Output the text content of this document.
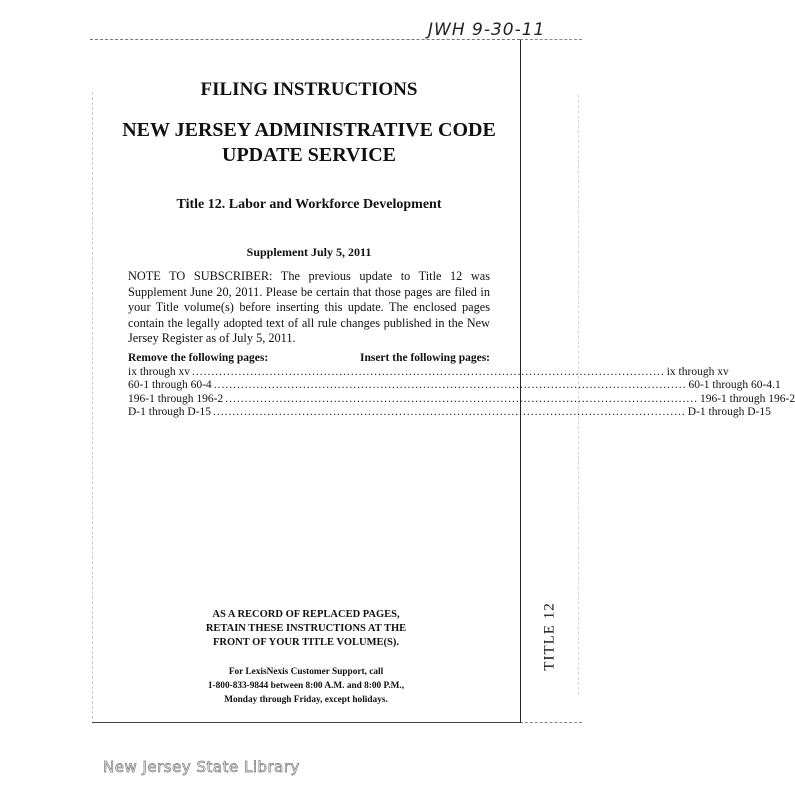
JWH 9-30-11
FILING INSTRUCTIONS
NEW JERSEY ADMINISTRATIVE CODE
UPDATE SERVICE
Title 12. Labor and Workforce Development
Supplement July 5, 2011
NOTE TO SUBSCRIBER: The previous update to Title 12 was Supplement June 20, 2011. Please be certain that those pages are filed in your Title volume(s) before inserting this update. The enclosed pages contain the legally adopted text of all rule changes published in the New Jersey Register as of July 5, 2011.
Remove the following pages:	Insert the following pages:
ix through xv .......................................................................................................................... ix through xv
60-1 through 60-4 .......................................................................................................................... 60-1 through 60-4.1
196-1 through 196-2 .......................................................................................................................... 196-1 through 196-2
D-1 through D-15 .......................................................................................................................... D-1 through D-15
AS A RECORD OF REPLACED PAGES,
RETAIN THESE INSTRUCTIONS AT THE
FRONT OF YOUR TITLE VOLUME(S).
For LexisNexis Customer Support, call
1-800-833-9844 between 8:00 A.M. and 8:00 P.M.,
Monday through Friday, except holidays.
TITLE 12
New Jersey State Library
